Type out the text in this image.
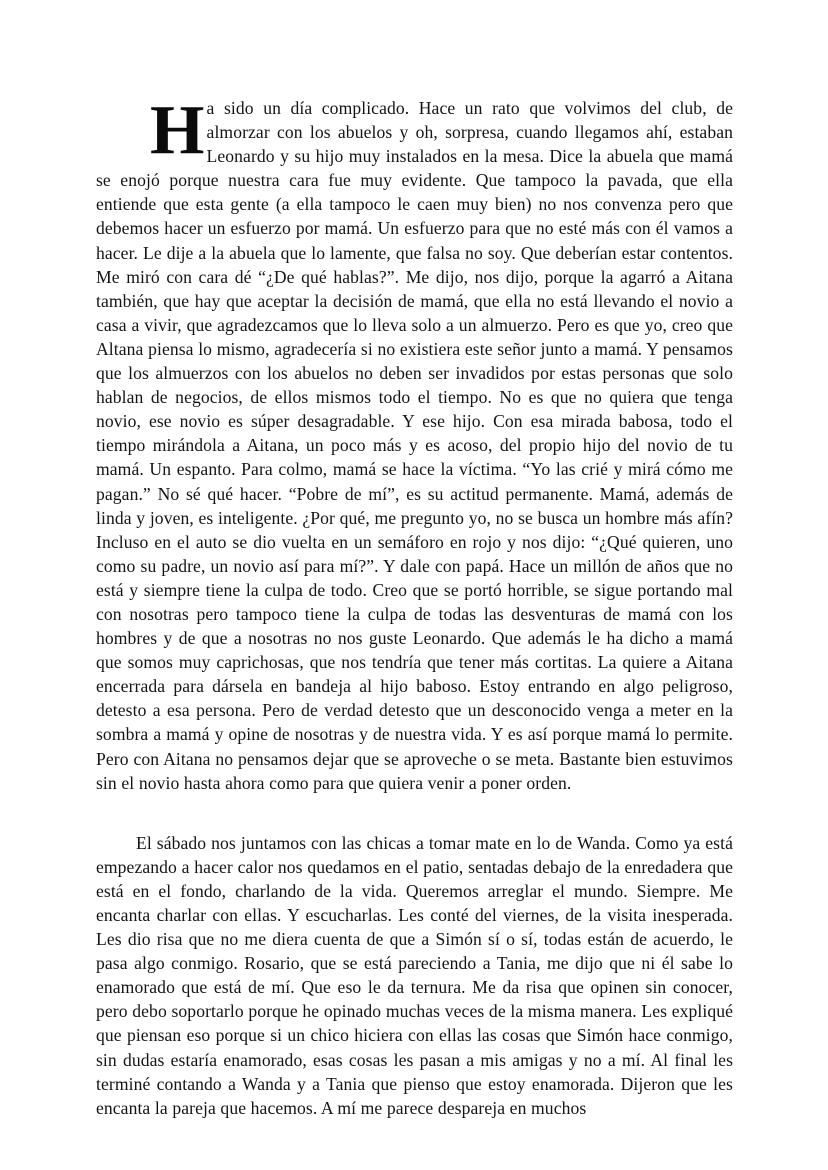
Ha sido un día complicado. Hace un rato que volvimos del club, de almorzar con los abuelos y oh, sorpresa, cuando llegamos ahí, estaban Leonardo y su hijo muy instalados en la mesa. Dice la abuela que mamá se enojó porque nuestra cara fue muy evidente. Que tampoco la pavada, que ella entiende que esta gente (a ella tampoco le caen muy bien) no nos convenza pero que debemos hacer un esfuerzo por mamá. Un esfuerzo para que no esté más con él vamos a hacer. Le dije a la abuela que lo lamente, que falsa no soy. Que deberían estar contentos. Me miró con cara dé “¿De qué hablas?”. Me dijo, nos dijo, porque la agarró a Aitana también, que hay que aceptar la decisión de mamá, que ella no está llevando el novio a casa a vivir, que agradezcamos que lo lleva solo a un almuerzo. Pero es que yo, creo que Altana piensa lo mismo, agradecería si no existiera este señor junto a mamá. Y pensamos que los almuerzos con los abuelos no deben ser invadidos por estas personas que solo hablan de negocios, de ellos mismos todo el tiempo. No es que no quiera que tenga novio, ese novio es súper desagradable. Y ese hijo. Con esa mirada babosa, todo el tiempo mirándola a Aitana, un poco más y es acoso, del propio hijo del novio de tu mamá. Un espanto. Para colmo, mamá se hace la víctima. “Yo las crié y mirá cómo me pagan.” No sé qué hacer. “Pobre de mí”, es su actitud permanente. Mamá, además de linda y joven, es inteligente. ¿Por qué, me pregunto yo, no se busca un hombre más afín? Incluso en el auto se dio vuelta en un semáforo en rojo y nos dijo: “¿Qué quieren, uno como su padre, un novio así para mí?”. Y dale con papá. Hace un millón de años que no está y siempre tiene la culpa de todo. Creo que se portó horrible, se sigue portando mal con nosotras pero tampoco tiene la culpa de todas las desventuras de mamá con los hombres y de que a nosotras no nos guste Leonardo. Que además le ha dicho a mamá que somos muy caprichosas, que nos tendría que tener más cortitas. La quiere a Aitana encerrada para dársela en bandeja al hijo baboso. Estoy entrando en algo peligroso, detesto a esa persona. Pero de verdad detesto que un desconocido venga a meter en la sombra a mamá y opine de nosotras y de nuestra vida. Y es así porque mamá lo permite. Pero con Aitana no pensamos dejar que se aproveche o se meta. Bastante bien estuvimos sin el novio hasta ahora como para que quiera venir a poner orden.

El sábado nos juntamos con las chicas a tomar mate en lo de Wanda. Como ya está empezando a hacer calor nos quedamos en el patio, sentadas debajo de la enredadera que está en el fondo, charlando de la vida. Queremos arreglar el mundo. Siempre. Me encanta charlar con ellas. Y escucharlas. Les conté del viernes, de la visita inesperada. Les dio risa que no me diera cuenta de que a Simón sí o sí, todas están de acuerdo, le pasa algo conmigo. Rosario, que se está pareciendo a Tania, me dijo que ni él sabe lo enamorado que está de mí. Que eso le da ternura. Me da risa que opinen sin conocer, pero debo soportarlo porque he opinado muchas veces de la misma manera. Les expliqué que piensan eso porque si un chico hiciera con ellas las cosas que Simón hace conmigo, sin dudas estaría enamorado, esas cosas les pasan a mis amigas y no a mí. Al final les terminé contando a Wanda y a Tania que pienso que estoy enamorada. Dijeron que les encanta la pareja que hacemos. A mí me parece despareja en muchos
